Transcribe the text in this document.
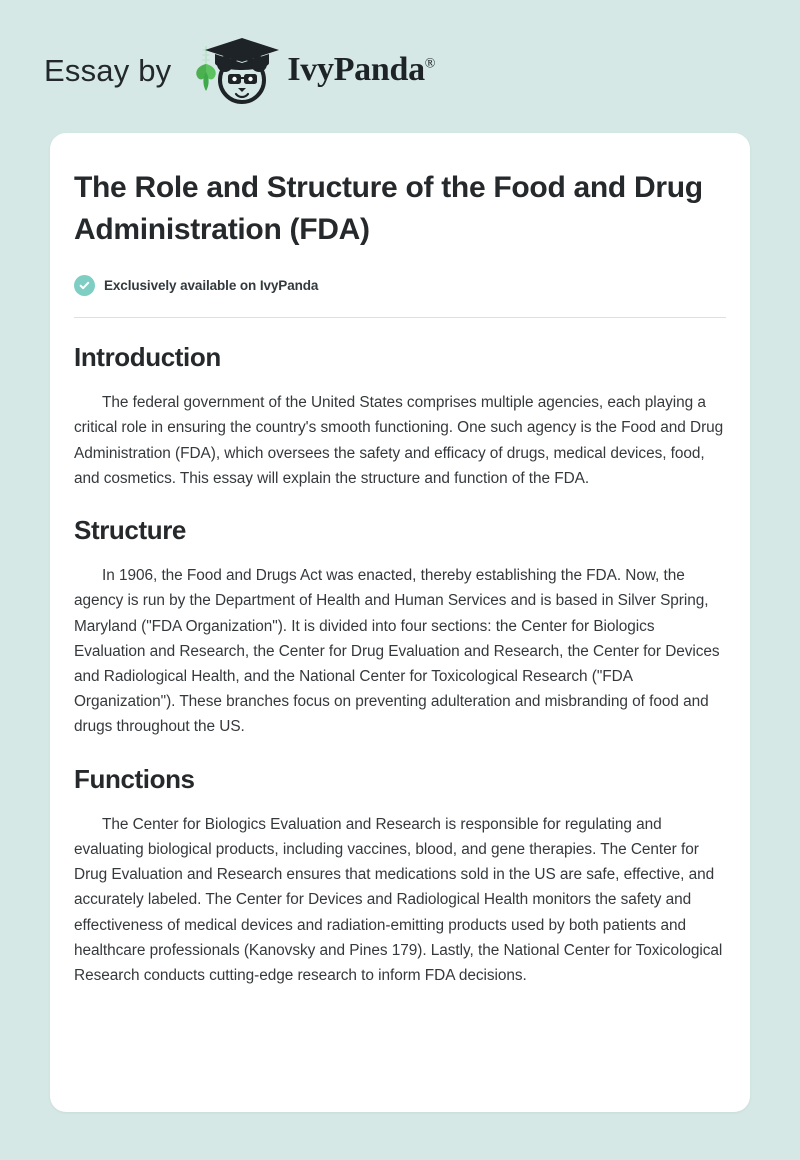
Essay by	IvyPanda®
The Role and Structure of the Food and Drug Administration (FDA)
Exclusively available on IvyPanda
Introduction

The federal government of the United States comprises multiple agencies, each playing a critical role in ensuring the country's smooth functioning. One such agency is the Food and Drug Administration (FDA), which oversees the safety and efficacy of drugs, medical devices, food, and cosmetics. This essay will explain the structure and function of the FDA.

Structure

In 1906, the Food and Drugs Act was enacted, thereby establishing the FDA. Now, the agency is run by the Department of Health and Human Services and is based in Silver Spring, Maryland ("FDA Organization"). It is divided into four sections: the Center for Biologics Evaluation and Research, the Center for Drug Evaluation and Research, the Center for Devices and Radiological Health, and the National Center for Toxicological Research ("FDA Organization"). These branches focus on preventing adulteration and misbranding of food and drugs throughout the US.

Functions

The Center for Biologics Evaluation and Research is responsible for regulating and evaluating biological products, including vaccines, blood, and gene therapies. The Center for Drug Evaluation and Research ensures that medications sold in the US are safe, effective, and accurately labeled. The Center for Devices and Radiological Health monitors the safety and effectiveness of medical devices and radiation-emitting products used by both patients and healthcare professionals (Kanovsky and Pines 179). Lastly, the National Center for Toxicological Research conducts cutting-edge research to inform FDA decisions.
